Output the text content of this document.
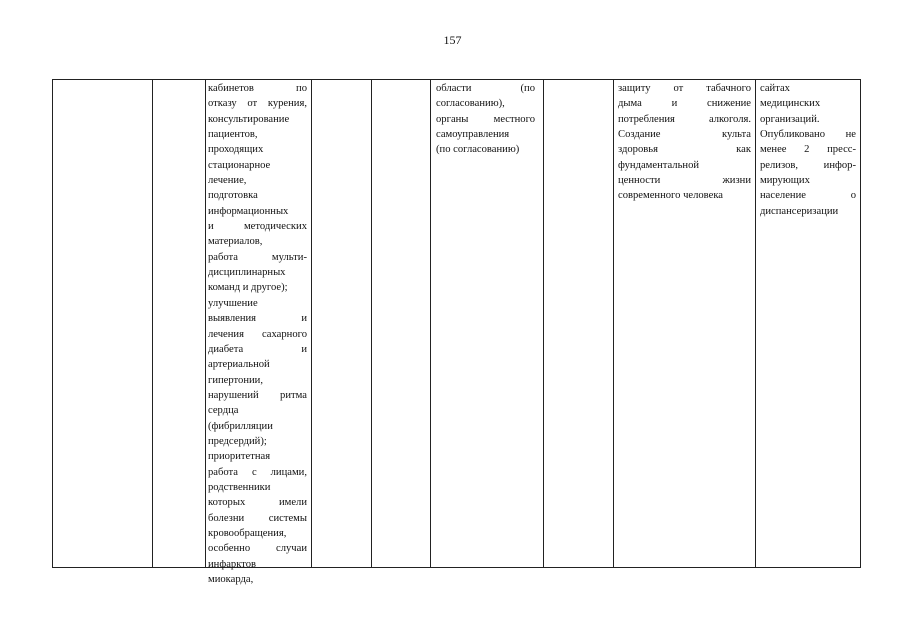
157
кабинетов по
отказу от курения,
консультирование
пациентов,
проходящих
стационарное
лечение,
подготовка
информационных
и методических
материалов,
работа мульти-
дисциплинарных
команд и другое);
улучшение
выявления и
лечения сахарного
диабета и
артериальной
гипертонии,
нарушений ритма
сердца
(фибрилляции
предсердий);
приоритетная
работа с лицами,
родственники
которых имели
болезни системы
кровообращения,
особенно случаи
инфарктов
миокарда,
области (по
согласованию),
органы местного
самоуправления
(по согласованию)
защиту от табачного
дыма и снижение
потребления алкоголя.
Создание культа
здоровья как
фундаментальной
ценности жизни
современного человека
сайтах
медицинских
организаций.
Опубликовано не
менее 2 пресс-
релизов, инфор-
мирующих
население о
диспансеризации
